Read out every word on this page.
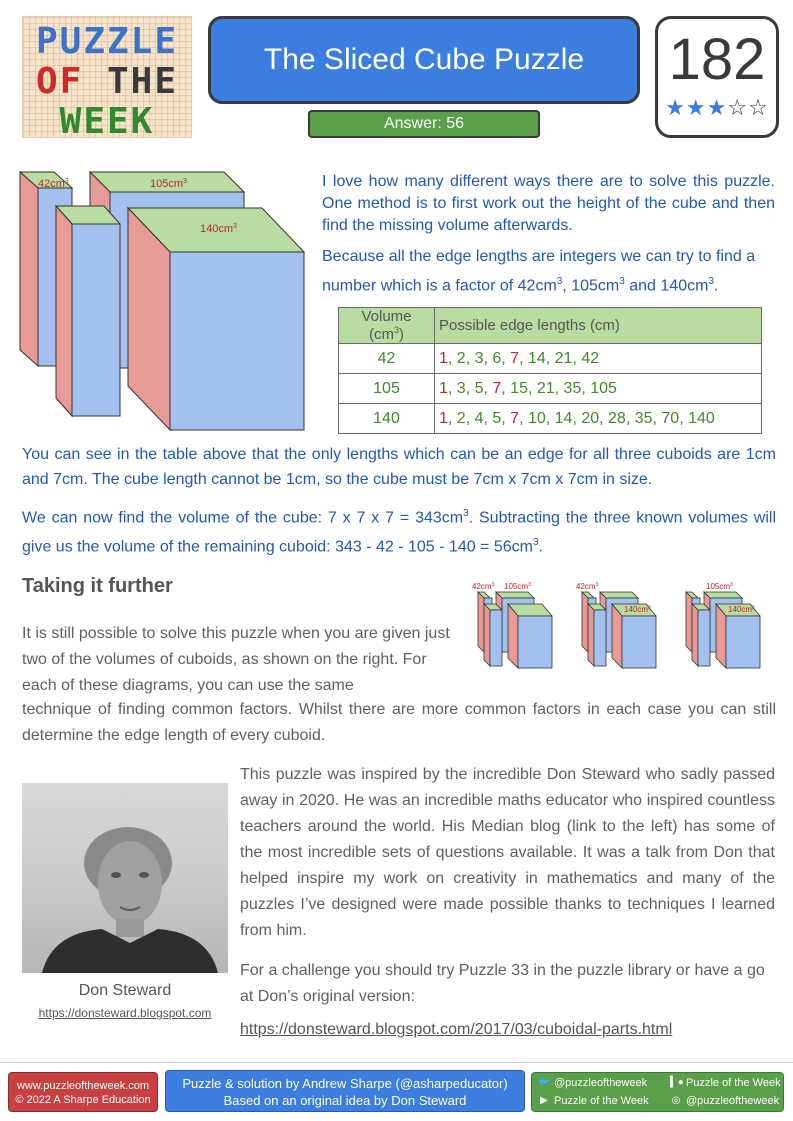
PUZZLE
OF THE
WEEK
The Sliced Cube Puzzle
Answer: 56
182
★★★☆☆
$42cm^3$	$105cm^3$
$140cm^3$
I love how many different ways there are to solve this puzzle. One method is to first work out the height of the cube and then find the missing volume afterwards.
Because all the edge lengths are integers we can try to find a number which is a factor of $42cm^3$, $105cm^3$ and $140cm^3$.
Volume $(cm^3)$	Possible edge lengths (cm)
42	1, 2, 3, 6, 7, 14, 21, 42
105	1, 3, 5, 7, 15, 21, 35, 105
140	1, 2, 4, 5, 7, 10, 14, 20, 28, 35, 70, 140
You can see in the table above that the only lengths which can be an edge for all three cuboids are 1cm and 7cm. The cube length cannot be 1cm, so the cube must be 7cm x 7cm x 7cm in size.
We can now find the volume of the cube: 7 x 7 x $7 = 343cm^3$. Subtracting the three known volumes will give us the volume of the remaining cuboid: $343 - 42 - 105 - 140 = 56cm^3$.
Taking it further
It is still possible to solve this puzzle when you are given just two of the volumes of cuboids, as shown on the right. For each of these diagrams, you can use the same
technique of finding common factors. Whilst there are more common factors in each case you can still determine the edge length of every cuboid.
$42cm^3$ $105cm^3$	$42cm^3$
$140cm^3$
$105cm^3$
$140cm^3$
Don Steward
https://donsteward.blogspot.com
This puzzle was inspired by the incredible Don Steward who sadly passed away in 2020. He was an incredible maths educator who inspired countless teachers around the world. His Median blog (link to the left) has some of the most incredible sets of questions available. It was a talk from Don that helped inspire my work on creativity in mathematics and many of the puzzles I’ve designed were made possible thanks to techniques I learned from him.
For a challenge you should try Puzzle 33 in the puzzle library or have a go at Don’s original version:
https://donsteward.blogspot.com/2017/03/cuboidal-parts.html
www.puzzleoftheweek.com
© 2022 A Sharpe Education
Puzzle & solution by Andrew Sharpe (@asharpeducator)
Based on an original idea by Don Steward
🐦 @puzzleoftheweek ▍● Puzzle of the Week
▶ Puzzle of the Week ◎ @puzzleoftheweek
